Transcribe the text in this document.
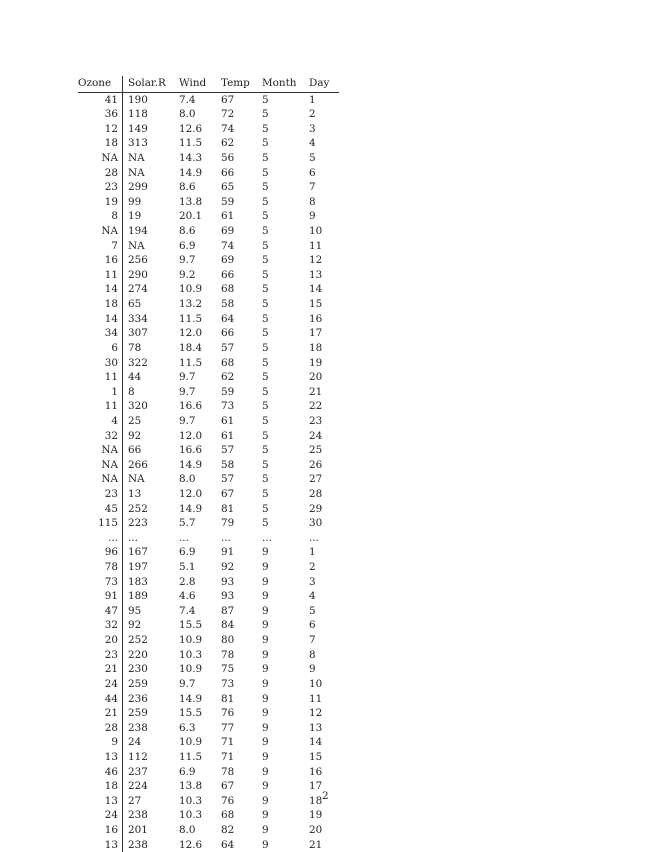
Ozone	Solar.R	Wind	Temp	Month	Day
41	190	7.4	67	5	1
36	118	8.0	72	5	2
12	149	12.6	74	5	3
18	313	11.5	62	5	4
NA	NA	14.3	56	5	5
28	NA	14.9	66	5	6
23	299	8.6	65	5	7
19	99	13.8	59	5	8
8	19	20.1	61	5	9
NA	194	8.6	69	5	10
7	NA	6.9	74	5	11
16	256	9.7	69	5	12
11	290	9.2	66	5	13
14	274	10.9	68	5	14
18	65	13.2	58	5	15
14	334	11.5	64	5	16
34	307	12.0	66	5	17
6	78	18.4	57	5	18
30	322	11.5	68	5	19
11	44	9.7	62	5	20
1	8	9.7	59	5	21
11	320	16.6	73	5	22
4	25	9.7	61	5	23
32	92	12.0	61	5	24
NA	66	16.6	57	5	25
NA	266	14.9	58	5	26
NA	NA	8.0	57	5	27
23	13	12.0	67	5	28
45	252	14.9	81	5	29
115	223	5.7	79	5	30
...	...	...	...	...	...
96	167	6.9	91	9	1
78	197	5.1	92	9	2
73	183	2.8	93	9	3
91	189	4.6	93	9	4
47	95	7.4	87	9	5
32	92	15.5	84	9	6
20	252	10.9	80	9	7
23	220	10.3	78	9	8
21	230	10.9	75	9	9
24	259	9.7	73	9	10
44	236	14.9	81	9	11
21	259	15.5	76	9	12
28	238	6.3	77	9	13
9	24	10.9	71	9	14
13	112	11.5	71	9	15
46	237	6.9	78	9	16
18	224	13.8	67	9	17
13	27	10.3	76	9	18
24	238	10.3	68	9	19
16	201	8.0	82	9	20
13	238	12.6	64	9	21
2
